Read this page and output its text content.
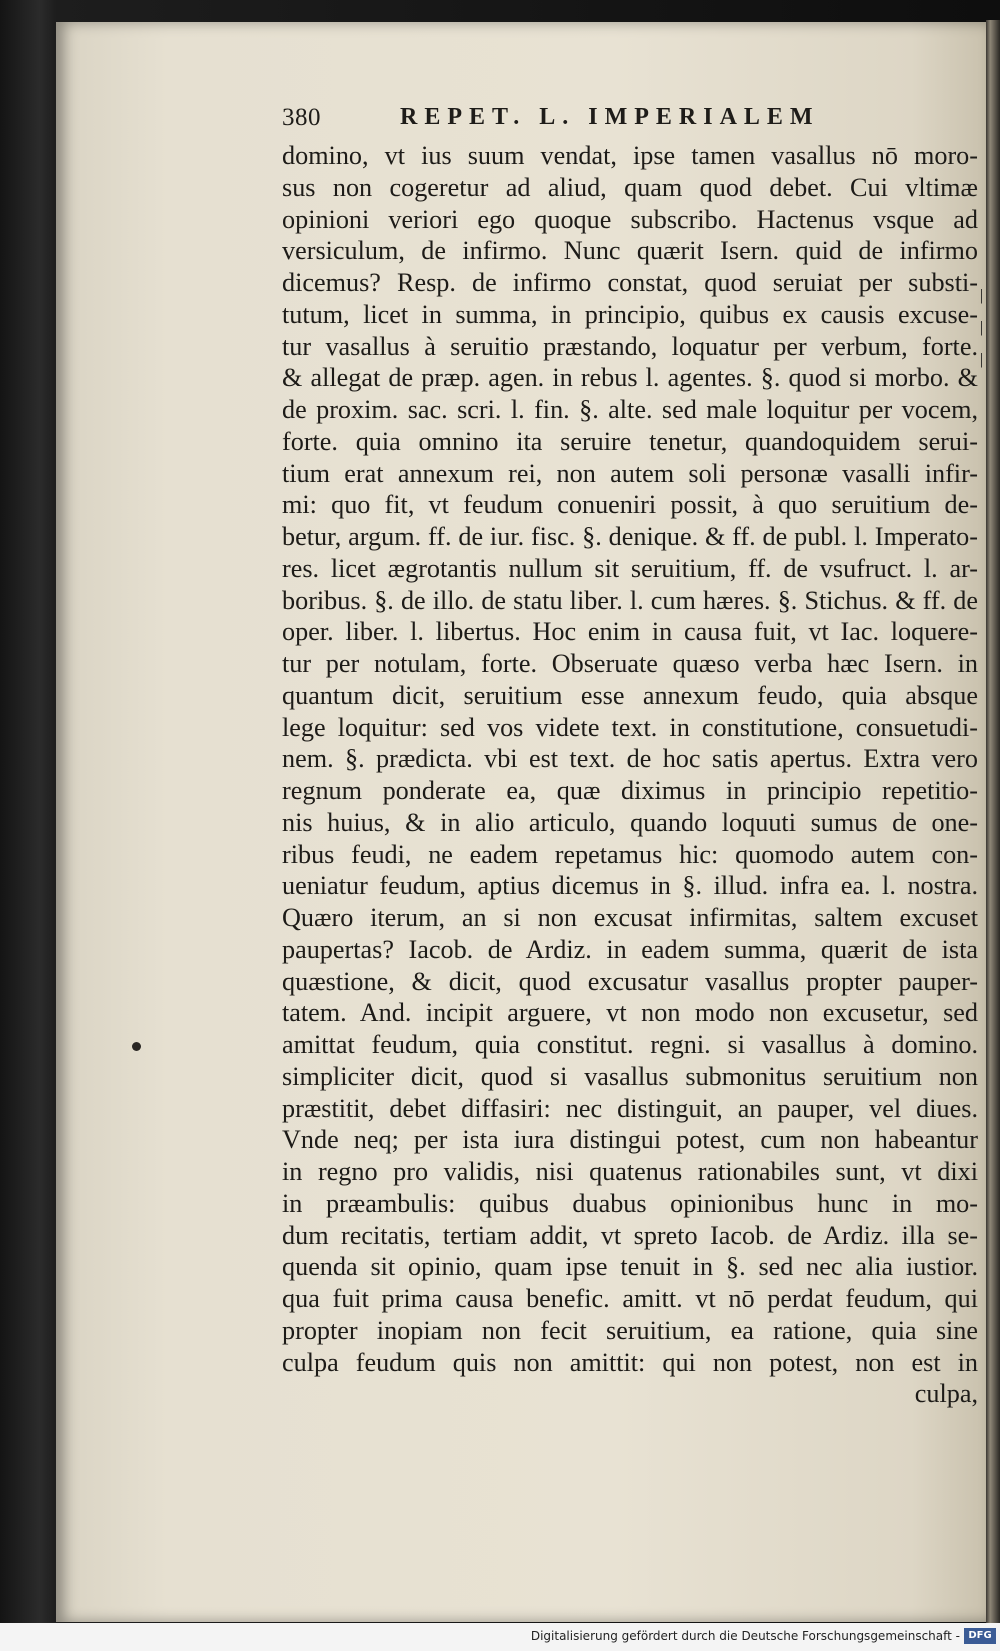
380	REPET. L. IMPERIALEM
domino, vt ius suum vendat, ipse tamen vasallus nō moro-
sus non cogeretur ad aliud, quam quod debet. Cui vltimæ
opinioni veriori ego quoque subscribo. Hactenus vsque ad
versiculum, de infirmo. Nunc quærit Isern. quid de infirmo
dicemus? Resp. de infirmo constat, quod seruiat per substi-
tutum, licet in summa, in principio, quibus ex causis excuse-
tur vasallus à seruitio præstando, loquatur per verbum, forte.
& allegat de præp. agen. in rebus l. agentes. §. quod si morbo. &
de proxim. sac. scri. l. fin. §. alte. sed male loquitur per vocem,
forte. quia omnino ita seruire tenetur, quandoquidem serui-
tium erat annexum rei, non autem soli personæ vasalli infir-
mi: quo fit, vt feudum conueniri possit, à quo seruitium de-
betur, argum. ff. de iur. fisc. §. denique. & ff. de publ. l. Imperato-
res. licet ægrotantis nullum sit seruitium, ff. de vsufruct. l. ar-
boribus. §. de illo. de statu liber. l. cum hæres. §. Stichus. & ff. de
oper. liber. l. libertus. Hoc enim in causa fuit, vt Iac. loquere-
tur per notulam, forte. Obseruate quæso verba hæc Isern. in
quantum dicit, seruitium esse annexum feudo, quia absque
lege loquitur: sed vos videte text. in constitutione, consuetudi-
nem. §. prædicta. vbi est text. de hoc satis apertus. Extra vero
regnum ponderate ea, quæ diximus in principio repetitio-
nis huius, & in alio articulo, quando loquuti sumus de one-
ribus feudi, ne eadem repetamus hic: quomodo autem con-
ueniatur feudum, aptius dicemus in §. illud. infra ea. l. nostra.
Quæro iterum, an si non excusat infirmitas, saltem excuset
paupertas? Iacob. de Ardiz. in eadem summa, quærit de ista
quæstione, & dicit, quod excusatur vasallus propter pauper-
tatem. And. incipit arguere, vt non modo non excusetur, sed
amittat feudum, quia constitut. regni. si vasallus à domino.
simpliciter dicit, quod si vasallus submonitus seruitium non
præstitit, debet diffasiri: nec distinguit, an pauper, vel diues.
Vnde neq; per ista iura distingui potest, cum non habeantur
in regno pro validis, nisi quatenus rationabiles sunt, vt dixi
in præambulis: quibus duabus opinionibus hunc in mo-
dum recitatis, tertiam addit, vt spreto Iacob. de Ardiz. illa se-
quenda sit opinio, quam ipse tenuit in §. sed nec alia iustior.
qua fuit prima causa benefic. amitt. vt nō perdat feudum, qui
propter inopiam non fecit seruitium, ea ratione, quia sine
culpa feudum quis non amittit: qui non potest, non est in
culpa,
|
|
|
Digitalisierung gefördert durch die Deutsche Forschungsgemeinschaft - DFG
